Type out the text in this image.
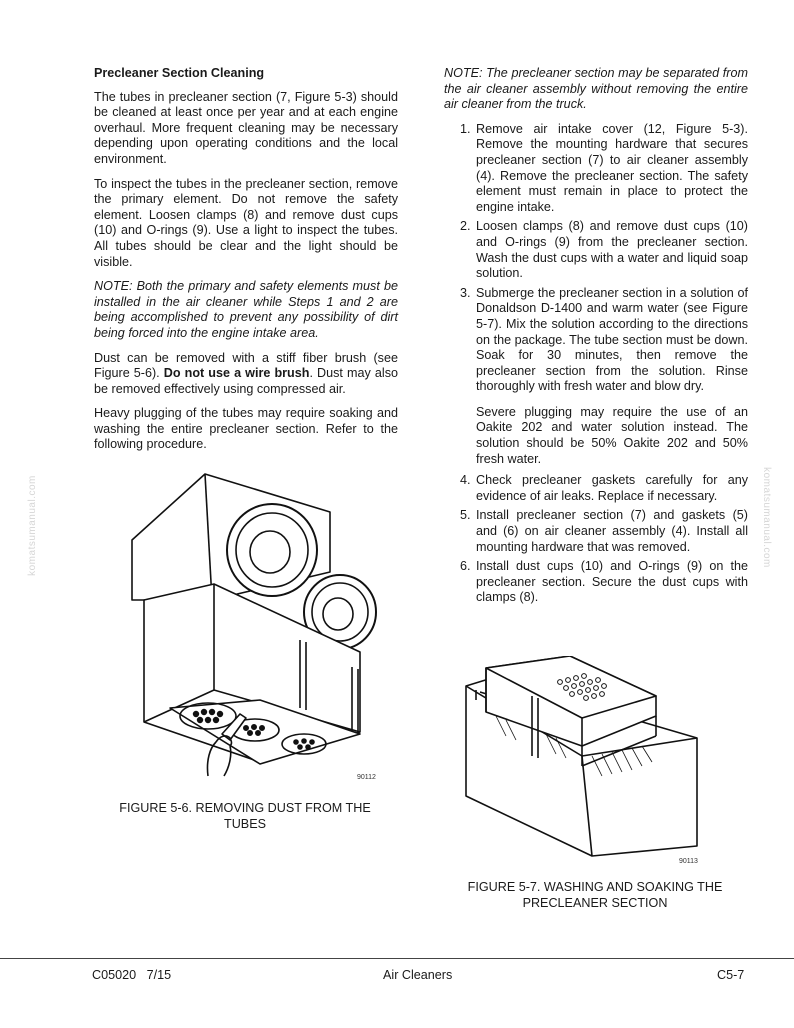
Precleaner Section Cleaning

The tubes in precleaner section (7, Figure 5-3) should be cleaned at least once per year and at each engine overhaul. More frequent cleaning may be necessary depending upon operating conditions and the local environment.

To inspect the tubes in the precleaner section, remove the primary element. Do not remove the safety element. Loosen clamps (8) and remove dust cups (10) and O-rings (9). Use a light to inspect the tubes. All tubes should be clear and the light should be visible.

NOTE: Both the primary and safety elements must be installed in the air cleaner while Steps 1 and 2 are being accomplished to prevent any possibility of dirt being forced into the engine intake area.

Dust can be removed with a stiff fiber brush (see Figure 5-6). Do not use a wire brush. Dust may also be removed effectively using compressed air.

Heavy plugging of the tubes may require soaking and washing the entire precleaner section. Refer to the following procedure.

NOTE: The precleaner section may be separated from the air cleaner assembly without removing the entire air cleaner from the truck.

1. Remove air intake cover (12, Figure 5-3). Remove the mounting hardware that secures precleaner section (7) to air cleaner assembly (4). Remove the precleaner section. The safety element must remain in place to protect the engine intake.
2. Loosen clamps (8) and remove dust cups (10) and O-rings (9) from the precleaner section. Wash the dust cups with a water and liquid soap solution.
3. Submerge the precleaner section in a solution of Donaldson D-1400 and warm water (see Figure 5-7). Mix the solution according to the directions on the package. The tube section must be down. Soak for 30 minutes, then remove the precleaner section from the solution. Rinse thoroughly with fresh water and blow dry.
Severe plugging may require the use of an Oakite 202 and water solution instead. The solution should be 50% Oakite 202 and 50% fresh water.
4. Check precleaner gaskets carefully for any evidence of air leaks. Replace if necessary.
5. Install precleaner section (7) and gaskets (5) and (6) on air cleaner assembly (4). Install all mounting hardware that was removed.
6. Install dust cups (10) and O-rings (9) on the precleaner section. Secure the dust cups with clamps (8).
90112
FIGURE 5-6. REMOVING DUST FROM THE TUBES
90113
FIGURE 5-7. WASHING AND SOAKING THE PRECLEANER SECTION
komatsumanual.com	komatsumanual.com
C05020 7/15	Air Cleaners	C5-7
